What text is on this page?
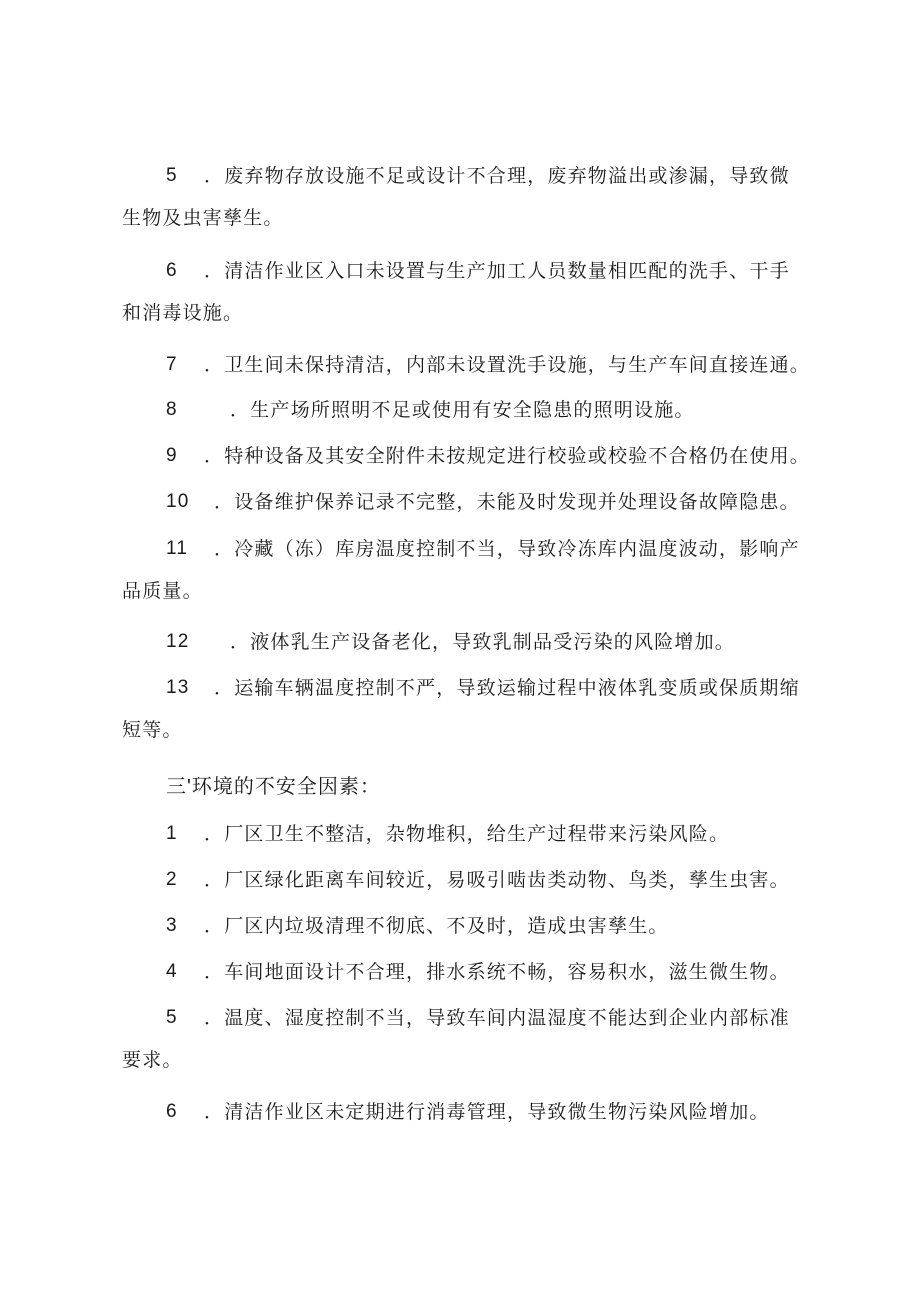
5 ．废弃物存放设施不足或设计不合理，废弃物溢出或渗漏，导致微
生物及虫害孳生。
6 ．清洁作业区入口未设置与生产加工人员数量相匹配的洗手、干手
和消毒设施。
7 ．卫生间未保持清洁，内部未设置洗手设施，与生产车间直接连通。
8	．生产场所照明不足或使用有安全隐患的照明设施。
9 ．特种设备及其安全附件未按规定进行校验或校验不合格仍在使用。
10 ．设备维护保养记录不完整，未能及时发现并处理设备故障隐患。
11 ．冷藏（冻）库房温度控制不当，导致冷冻库内温度波动，影响产
品质量。
12 ．液体乳生产设备老化，导致乳制品受污染的风险增加。
13 ．运输车辆温度控制不严，导致运输过程中液体乳变质或保质期缩
短等。
三'环境的不安全因素：
1 ．厂区卫生不整洁，杂物堆积，给生产过程带来污染风险。
2 ．厂区绿化距离车间较近，易吸引啮齿类动物、鸟类，孳生虫害。
3 ．厂区内垃圾清理不彻底、不及时，造成虫害孳生。
4 ．车间地面设计不合理，排水系统不畅，容易积水，滋生微生物。
5 ．温度、湿度控制不当，导致车间内温湿度不能达到企业内部标准
要求。
6 ．清洁作业区未定期进行消毒管理，导致微生物污染风险增加。
